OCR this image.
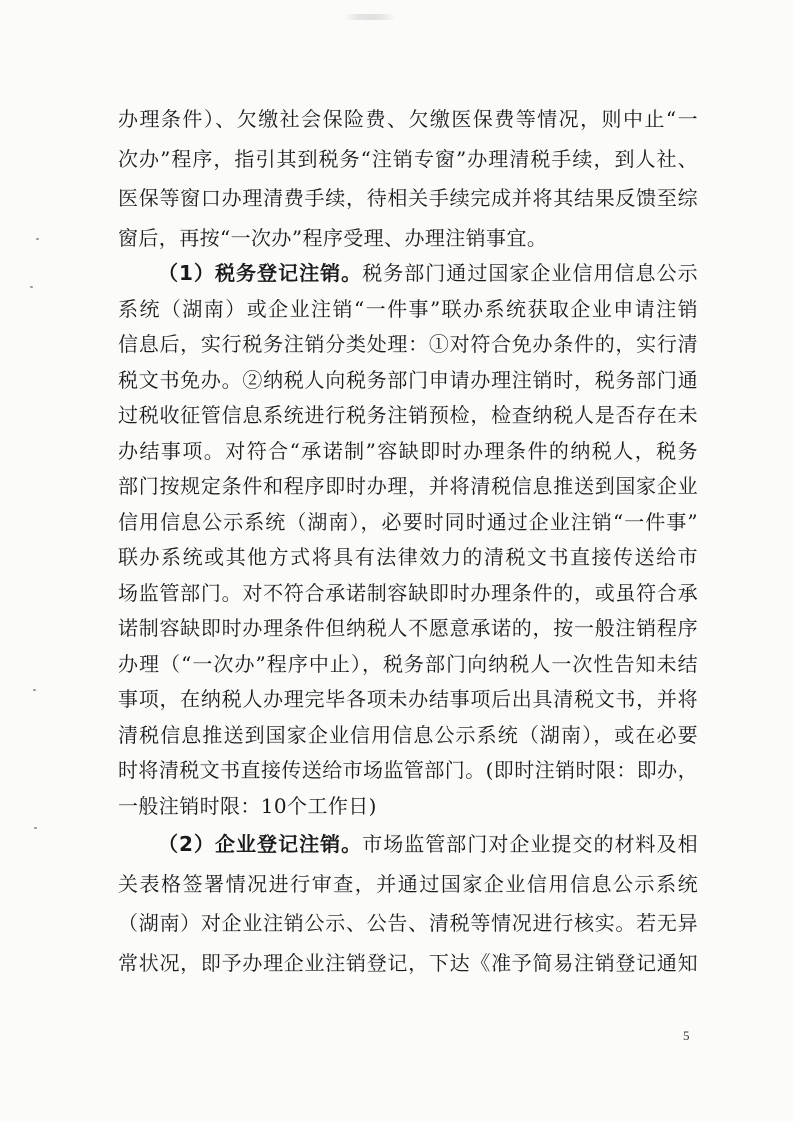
办理条件）、欠缴社会保险费、欠缴医保费等情况，则中止“一
次办”程序，指引其到税务“注销专窗”办理清税手续，到人社、
医保等窗口办理清费手续，待相关手续完成并将其结果反馈至综
窗后，再按“一次办”程序受理、办理注销事宜。
（1）税务登记注销。税务部门通过国家企业信用信息公示
系统（湖南）或企业注销“一件事”联办系统获取企业申请注销
信息后，实行税务注销分类处理：①对符合免办条件的，实行清
税文书免办。②纳税人向税务部门申请办理注销时，税务部门通
过税收征管信息系统进行税务注销预检，检查纳税人是否存在未
办结事项。对符合“承诺制”容缺即时办理条件的纳税人，税务
部门按规定条件和程序即时办理，并将清税信息推送到国家企业
信用信息公示系统（湖南），必要时同时通过企业注销“一件事”
联办系统或其他方式将具有法律效力的清税文书直接传送给市
场监管部门。对不符合承诺制容缺即时办理条件的，或虽符合承
诺制容缺即时办理条件但纳税人不愿意承诺的，按一般注销程序
办理（“一次办”程序中止），税务部门向纳税人一次性告知未结
事项，在纳税人办理完毕各项未办结事项后出具清税文书，并将
清税信息推送到国家企业信用信息公示系统（湖南），或在必要
时将清税文书直接传送给市场监管部门。(即时注销时限：即办，
一般注销时限：10个工作日)
（2）企业登记注销。市场监管部门对企业提交的材料及相
关表格签署情况进行审查，并通过国家企业信用信息公示系统
（湖南）对企业注销公示、公告、清税等情况进行核实。若无异
常状况，即予办理企业注销登记，下达《准予简易注销登记通知
5
